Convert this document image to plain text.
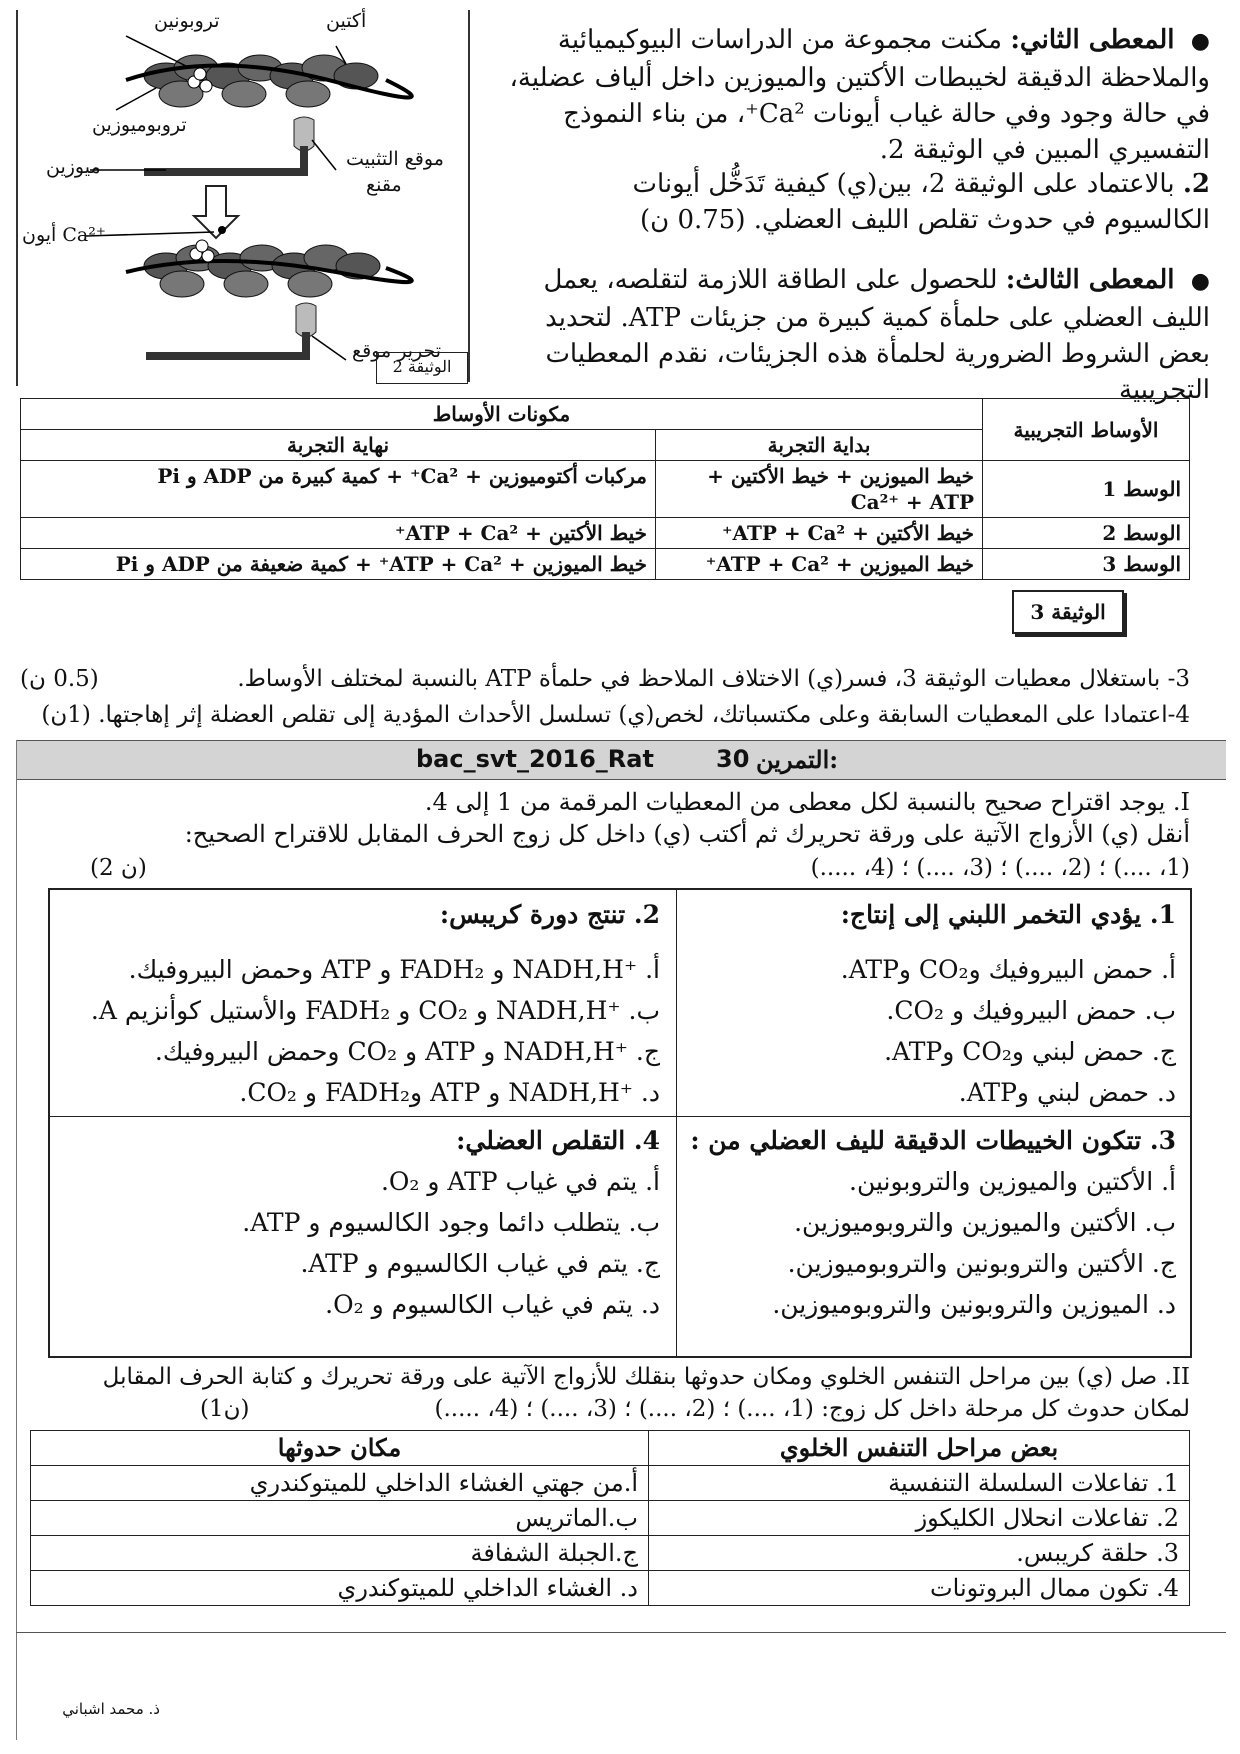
تروبونين	أكتين
تروبوميوزين
ميوزين	موقع التثبيت
مقنع
أيون Ca²⁺
تحرير موقع
الوثيقة 2
● المعطى الثاني: مكنت مجموعة من الدراسات البيوكيميائية والملاحظة الدقيقة لخيبطات الأكتين والميوزين داخل ألياف عضلية، في حالة وجود وفي حالة غياب أيونات Ca²⁺، من بناء النموذج التفسيري المبين في الوثيقة 2.
2. بالاعتماد على الوثيقة 2، بين(ي) كيفية تَدَخُّل أيونات الكالسيوم في حدوث تقلص الليف العضلي. (0.75 ن)
● المعطى الثالث: للحصول على الطاقة اللازمة لتقلصه، يعمل الليف العضلي على حلمأة كمية كبيرة من جزيئات ATP. لتحديد بعض الشروط الضرورية لحلمأة هذه الجزيئات، نقدم المعطيات التجريبية
مكونات الأوساط		الأوساط التجريبية
نهاية التجربة	بداية التجربة	
مركبات أكتوميوزين + Ca²⁺ + كمية كبيرة من ADP و Pi	خيط الميوزين + خيط الأكتين + Ca²⁺ + ATP	الوسط 1
خيط الأكتين + ATP + Ca²⁺	خيط الأكتين + ATP + Ca²⁺	الوسط 2
خيط الميوزين + ATP + Ca²⁺ + كمية ضعيفة من ADP و Pi	خيط الميوزين + ATP + Ca²⁺	الوسط 3
الوثيقة 3
3- باستغلال معطيات الوثيقة 3، فسر(ي) الاختلاف الملاحظ في حلمأة ATP بالنسبة لمختلف الأوساط.
(0.5 ن)
4-اعتمادا على المعطيات السابقة وعلى مكتسباتك، لخص(ي) تسلسل الأحداث المؤدية إلى تقلص العضلة إثر إهاجتها. (1ن)
bac_svt_2016_Rat	30 التمرين:
I. يوجد اقتراح صحيح بالنسبة لكل معطى من المعطيات المرقمة من 1 إلى 4.
أنقل (ي) الأزواج الآتية على ورقة تحريرك ثم أكتب (ي) داخل كل زوج الحرف المقابل للاقتراح الصحيح:
(1، ....) ؛ (2، ....) ؛ (3، ....) ؛ (4، .....)
(2 ن)
1. يؤدي التخمر اللبني إلى إنتاج:
أ. حمض البيروفيك وCO₂ وATP.
ب. حمض البيروفيك و CO₂.
ج. حمض لبني وCO₂ وATP.
د. حمض لبني وATP.
2. تنتج دورة كريبس:
أ. ⁺NADH,H و FADH₂ و ATP وحمض البيروفيك.
ب. ⁺NADH,H و CO₂ و FADH₂ والأستيل كوأنزيم A.
ج. ⁺NADH,H و ATP و CO₂ وحمض البيروفيك.
د. ⁺NADH,H و ATP وFADH₂ و CO₂.
3. تتكون الخييطات الدقيقة لليف العضلي من :
أ. الأكتين والميوزين والتروبونين.
ب. الأكتين والميوزين والتروبوميوزين.
ج. الأكتين والتروبونين والتروبوميوزين.
د. الميوزين والتروبونين والتروبوميوزين.
4. التقلص العضلي:
أ. يتم في غياب ATP و O₂.
ب. يتطلب دائما وجود الكالسيوم و ATP.
ج. يتم في غياب الكالسيوم و ATP.
د. يتم في غياب الكالسيوم و O₂.
II. صل (ي) بين مراحل التنفس الخلوي ومكان حدوثها بنقلك للأزواج الآتية على ورقة تحريرك و كتابة الحرف المقابل
لمكان حدوث كل مرحلة داخل كل زوج: (1، ....) ؛ (2، ....) ؛ (3، ....) ؛ (4، .....)
(1ن)
مكان حدوثها	بعض مراحل التنفس الخلوي
أ.من جهتي الغشاء الداخلي للميتوكندري	1. تفاعلات السلسلة التنفسية
ب.الماتريس	2. تفاعلات انحلال الكليكوز
ج.الجبلة الشفافة	3. حلقة كريبس.
د. الغشاء الداخلي للميتوكندري	4. تكون ممال البروتونات
ذ. محمد اشباني
